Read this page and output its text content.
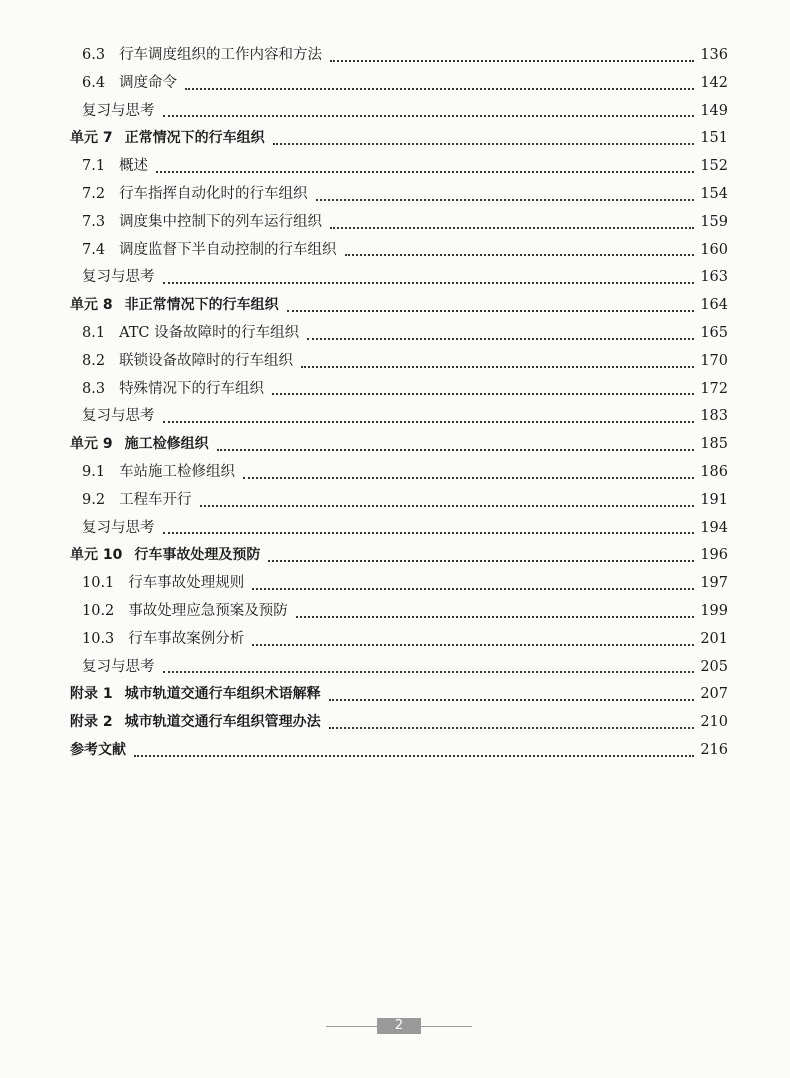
6.3 行车调度组织的工作内容和方法	136
6.4 调度命令	142
复习与思考	149
单元 7 正常情况下的行车组织	151
7.1 概述	152
7.2 行车指挥自动化时的行车组织	154
7.3 调度集中控制下的列车运行组织	159
7.4 调度监督下半自动控制的行车组织	160
复习与思考	163
单元 8 非正常情况下的行车组织	164
8.1 ATC 设备故障时的行车组织	165
8.2 联锁设备故障时的行车组织	170
8.3 特殊情况下的行车组织	172
复习与思考	183
单元 9 施工检修组织	185
9.1 车站施工检修组织	186
9.2 工程车开行	191
复习与思考	194
单元 10 行车事故处理及预防	196
10.1 行车事故处理规则	197
10.2 事故处理应急预案及预防	199
10.3 行车事故案例分析	201
复习与思考	205
附录 1 城市轨道交通行车组织术语解释	207
附录 2 城市轨道交通行车组织管理办法	210
参考文献	216
2
